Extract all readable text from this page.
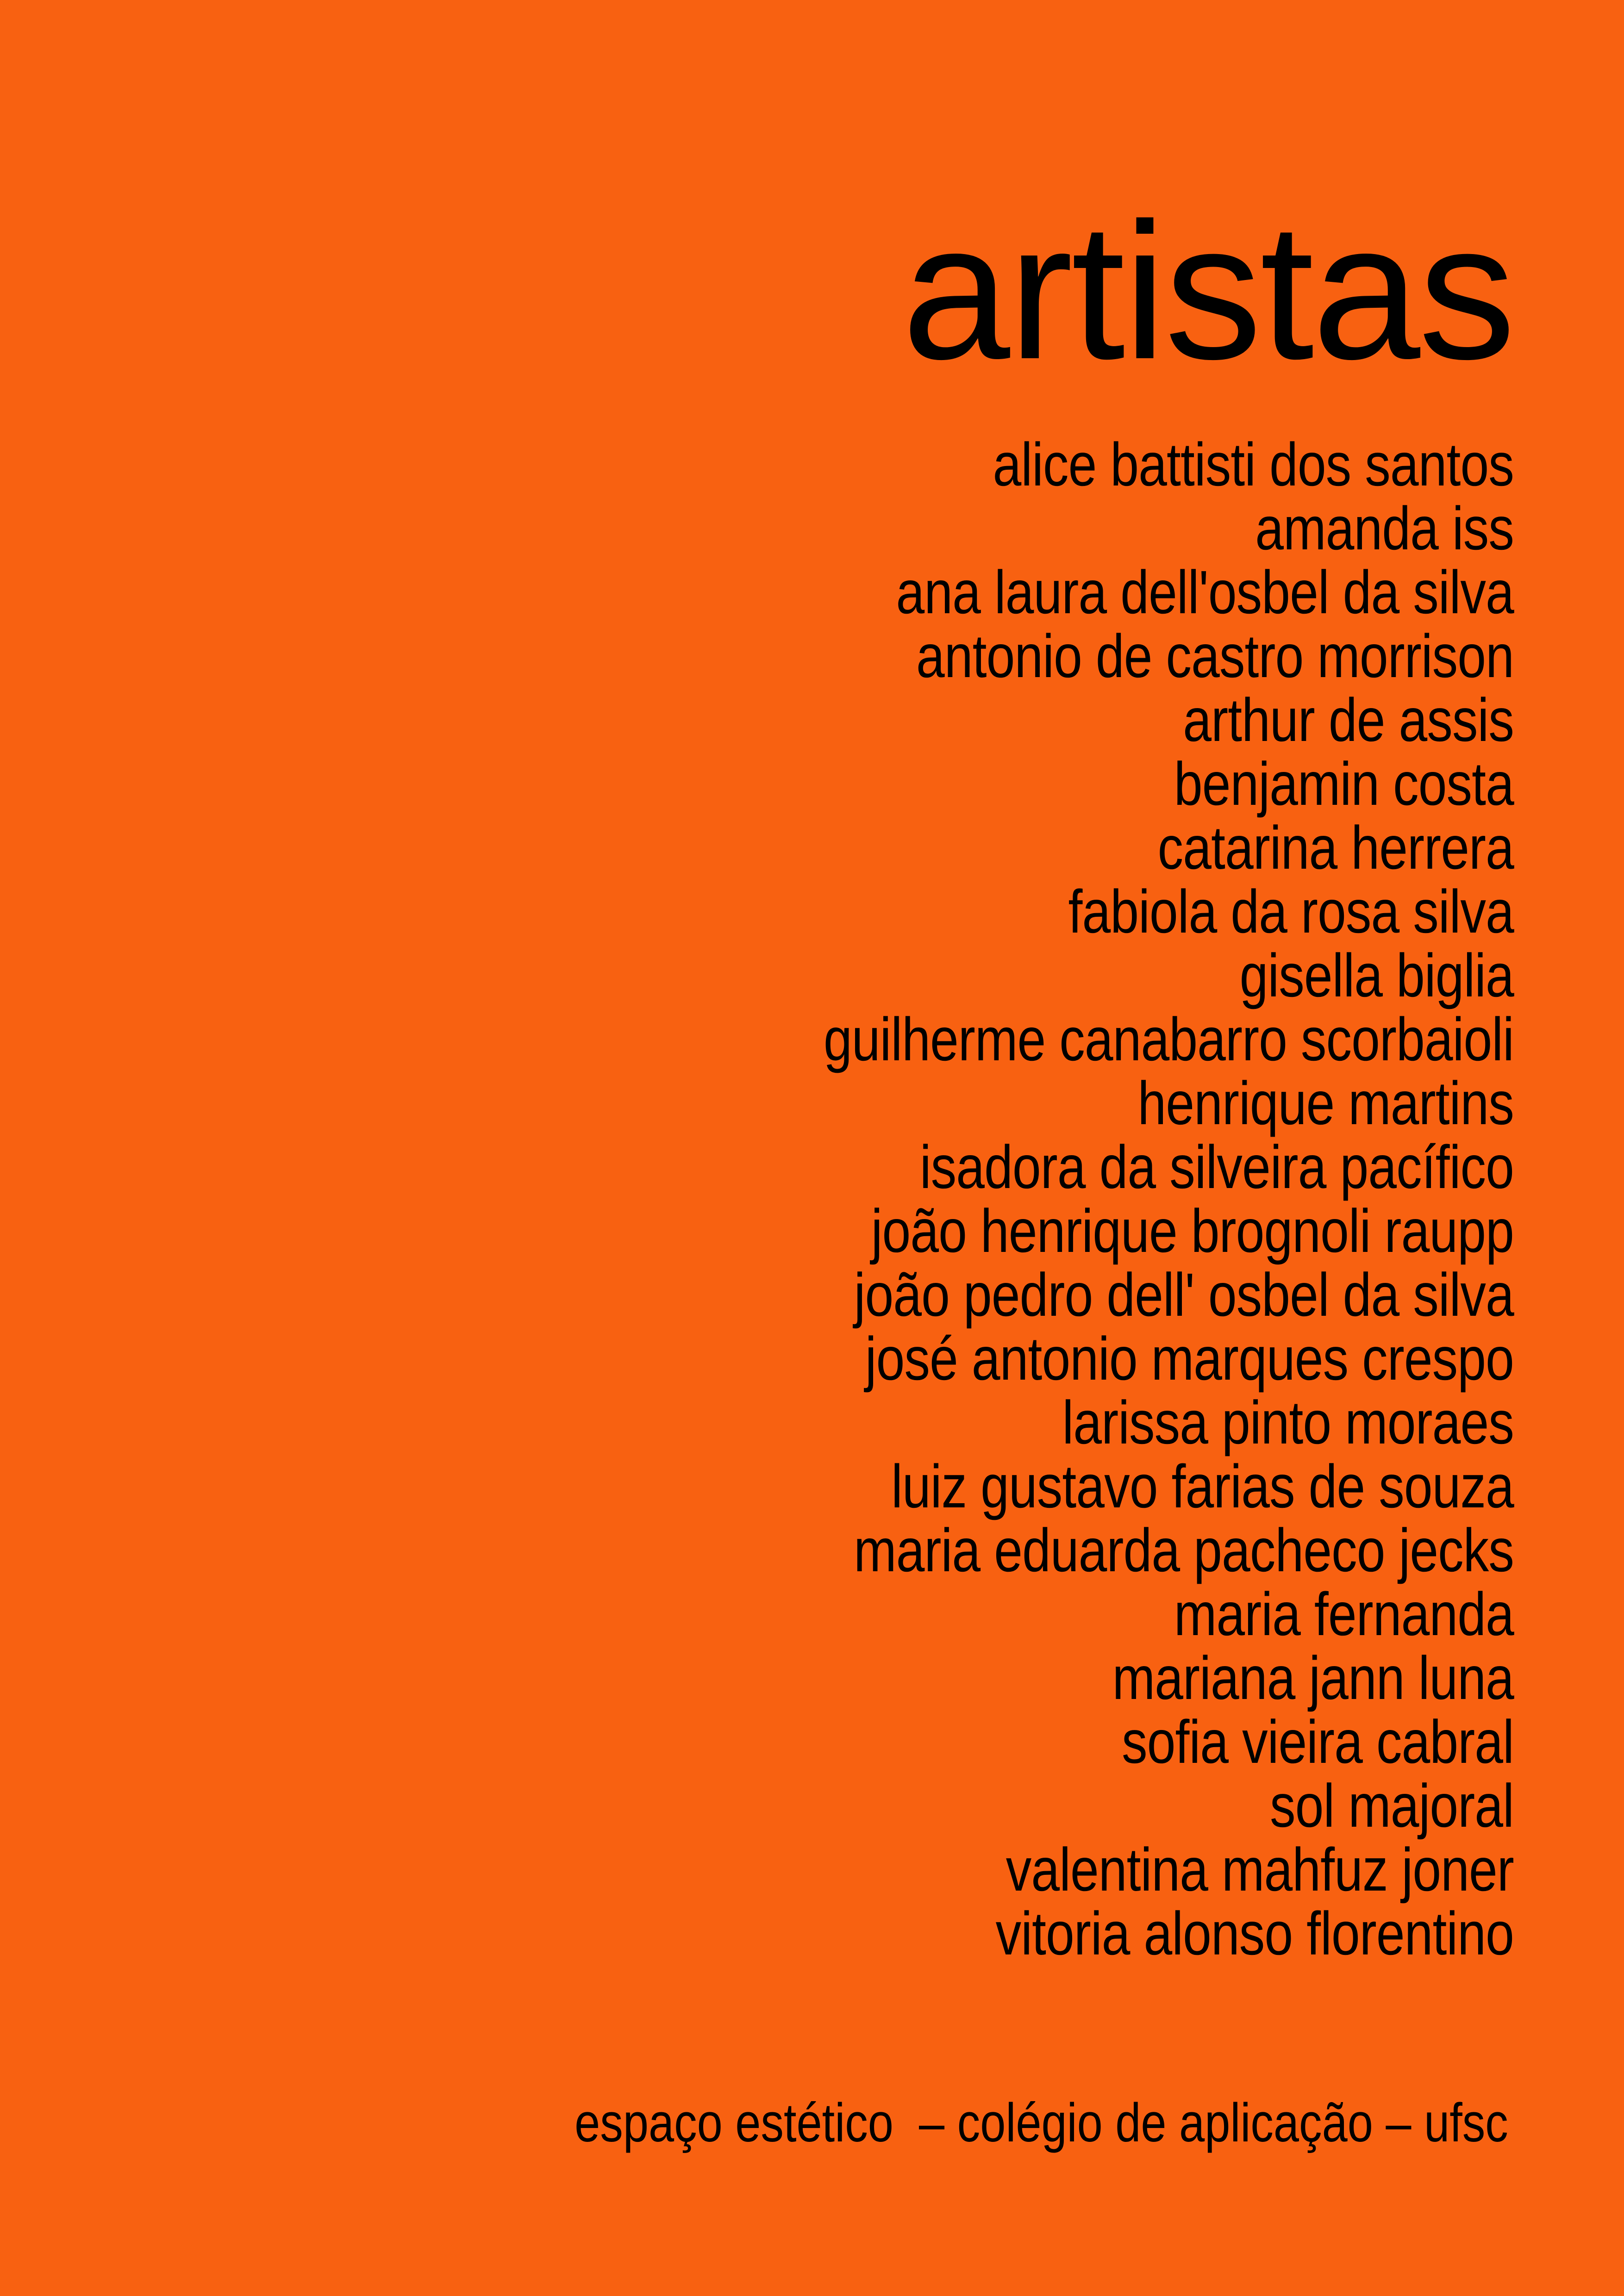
artistas
alice battisti dos santos
amanda iss
ana laura dell'osbel da silva
antonio de castro morrison
arthur de assis
benjamin costa
catarina herrera
fabiola da rosa silva
gisella biglia
guilherme canabarro scorbaioli
henrique martins
isadora da silveira pacífico
joão henrique brognoli raupp
joão pedro dell' osbel da silva
josé antonio marques crespo
larissa pinto moraes
luiz gustavo farias de souza
maria eduarda pacheco jecks
maria fernanda
mariana jann luna
sofia vieira cabral
sol majoral
valentina mahfuz joner
vitoria alonso florentino

espaço estético  – colégio de aplicação – ufsc
